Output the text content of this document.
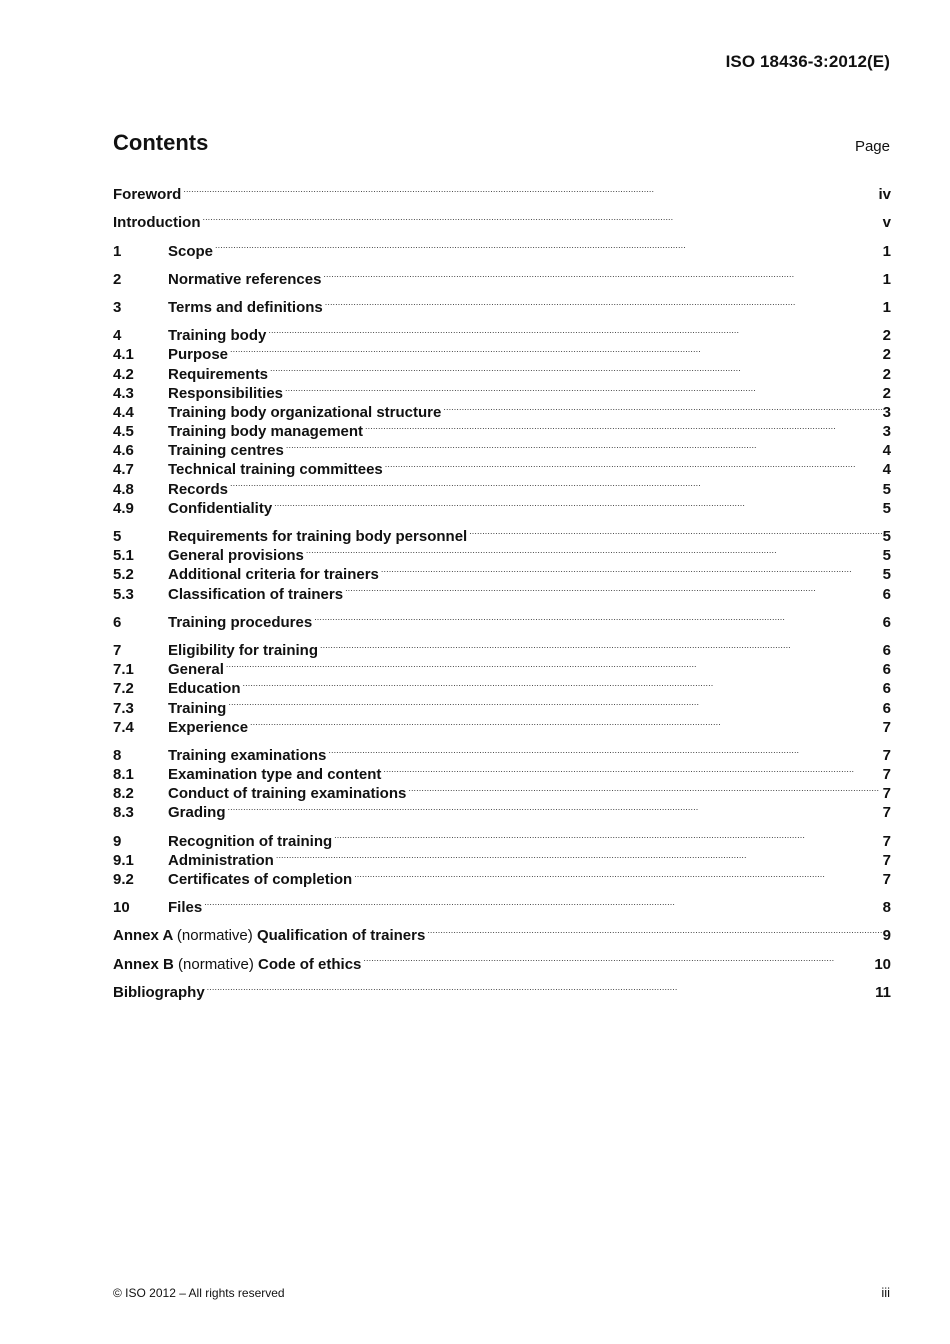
ISO 18436-3:2012(E)
Contents	Page
Foreword . . .	iv
Introduction . . .	v
1	Scope . . .	1
2	Normative references . . .	1
3	Terms and definitions . . .	1
4	Training body . . .	2
4.1	Purpose . . .	2
4.2	Requirements . . .	2
4.3	Responsibilities . . .	2
4.4	Training body organizational structure . . .	3
4.5	Training body management . . .	3
4.6	Training centres . . .	4
4.7	Technical training committees . . .	4
4.8	Records . . .	5
4.9	Confidentiality . . .	5
5	Requirements for training body personnel . . .	5
5.1	General provisions . . .	5
5.2	Additional criteria for trainers . . .	5
5.3	Classification of trainers . . .	6
6	Training procedures . . .	6
7	Eligibility for training . . .	6
7.1	General . . .	6
7.2	Education . . .	6
7.3	Training . . .	6
7.4	Experience . . .	7
8	Training examinations . . .	7
8.1	Examination type and content . . .	7
8.2	Conduct of training examinations . . .	7
8.3	Grading . . .	7
9	Recognition of training . . .	7
9.1	Administration . . .	7
9.2	Certificates of completion . . .	7
10	Files . . .	8
Annex A (normative) Qualification of trainers . . .	9
Annex B (normative) Code of ethics . . .	10
Bibliography . . .	11
© ISO 2012 – All rights reserved	iii
